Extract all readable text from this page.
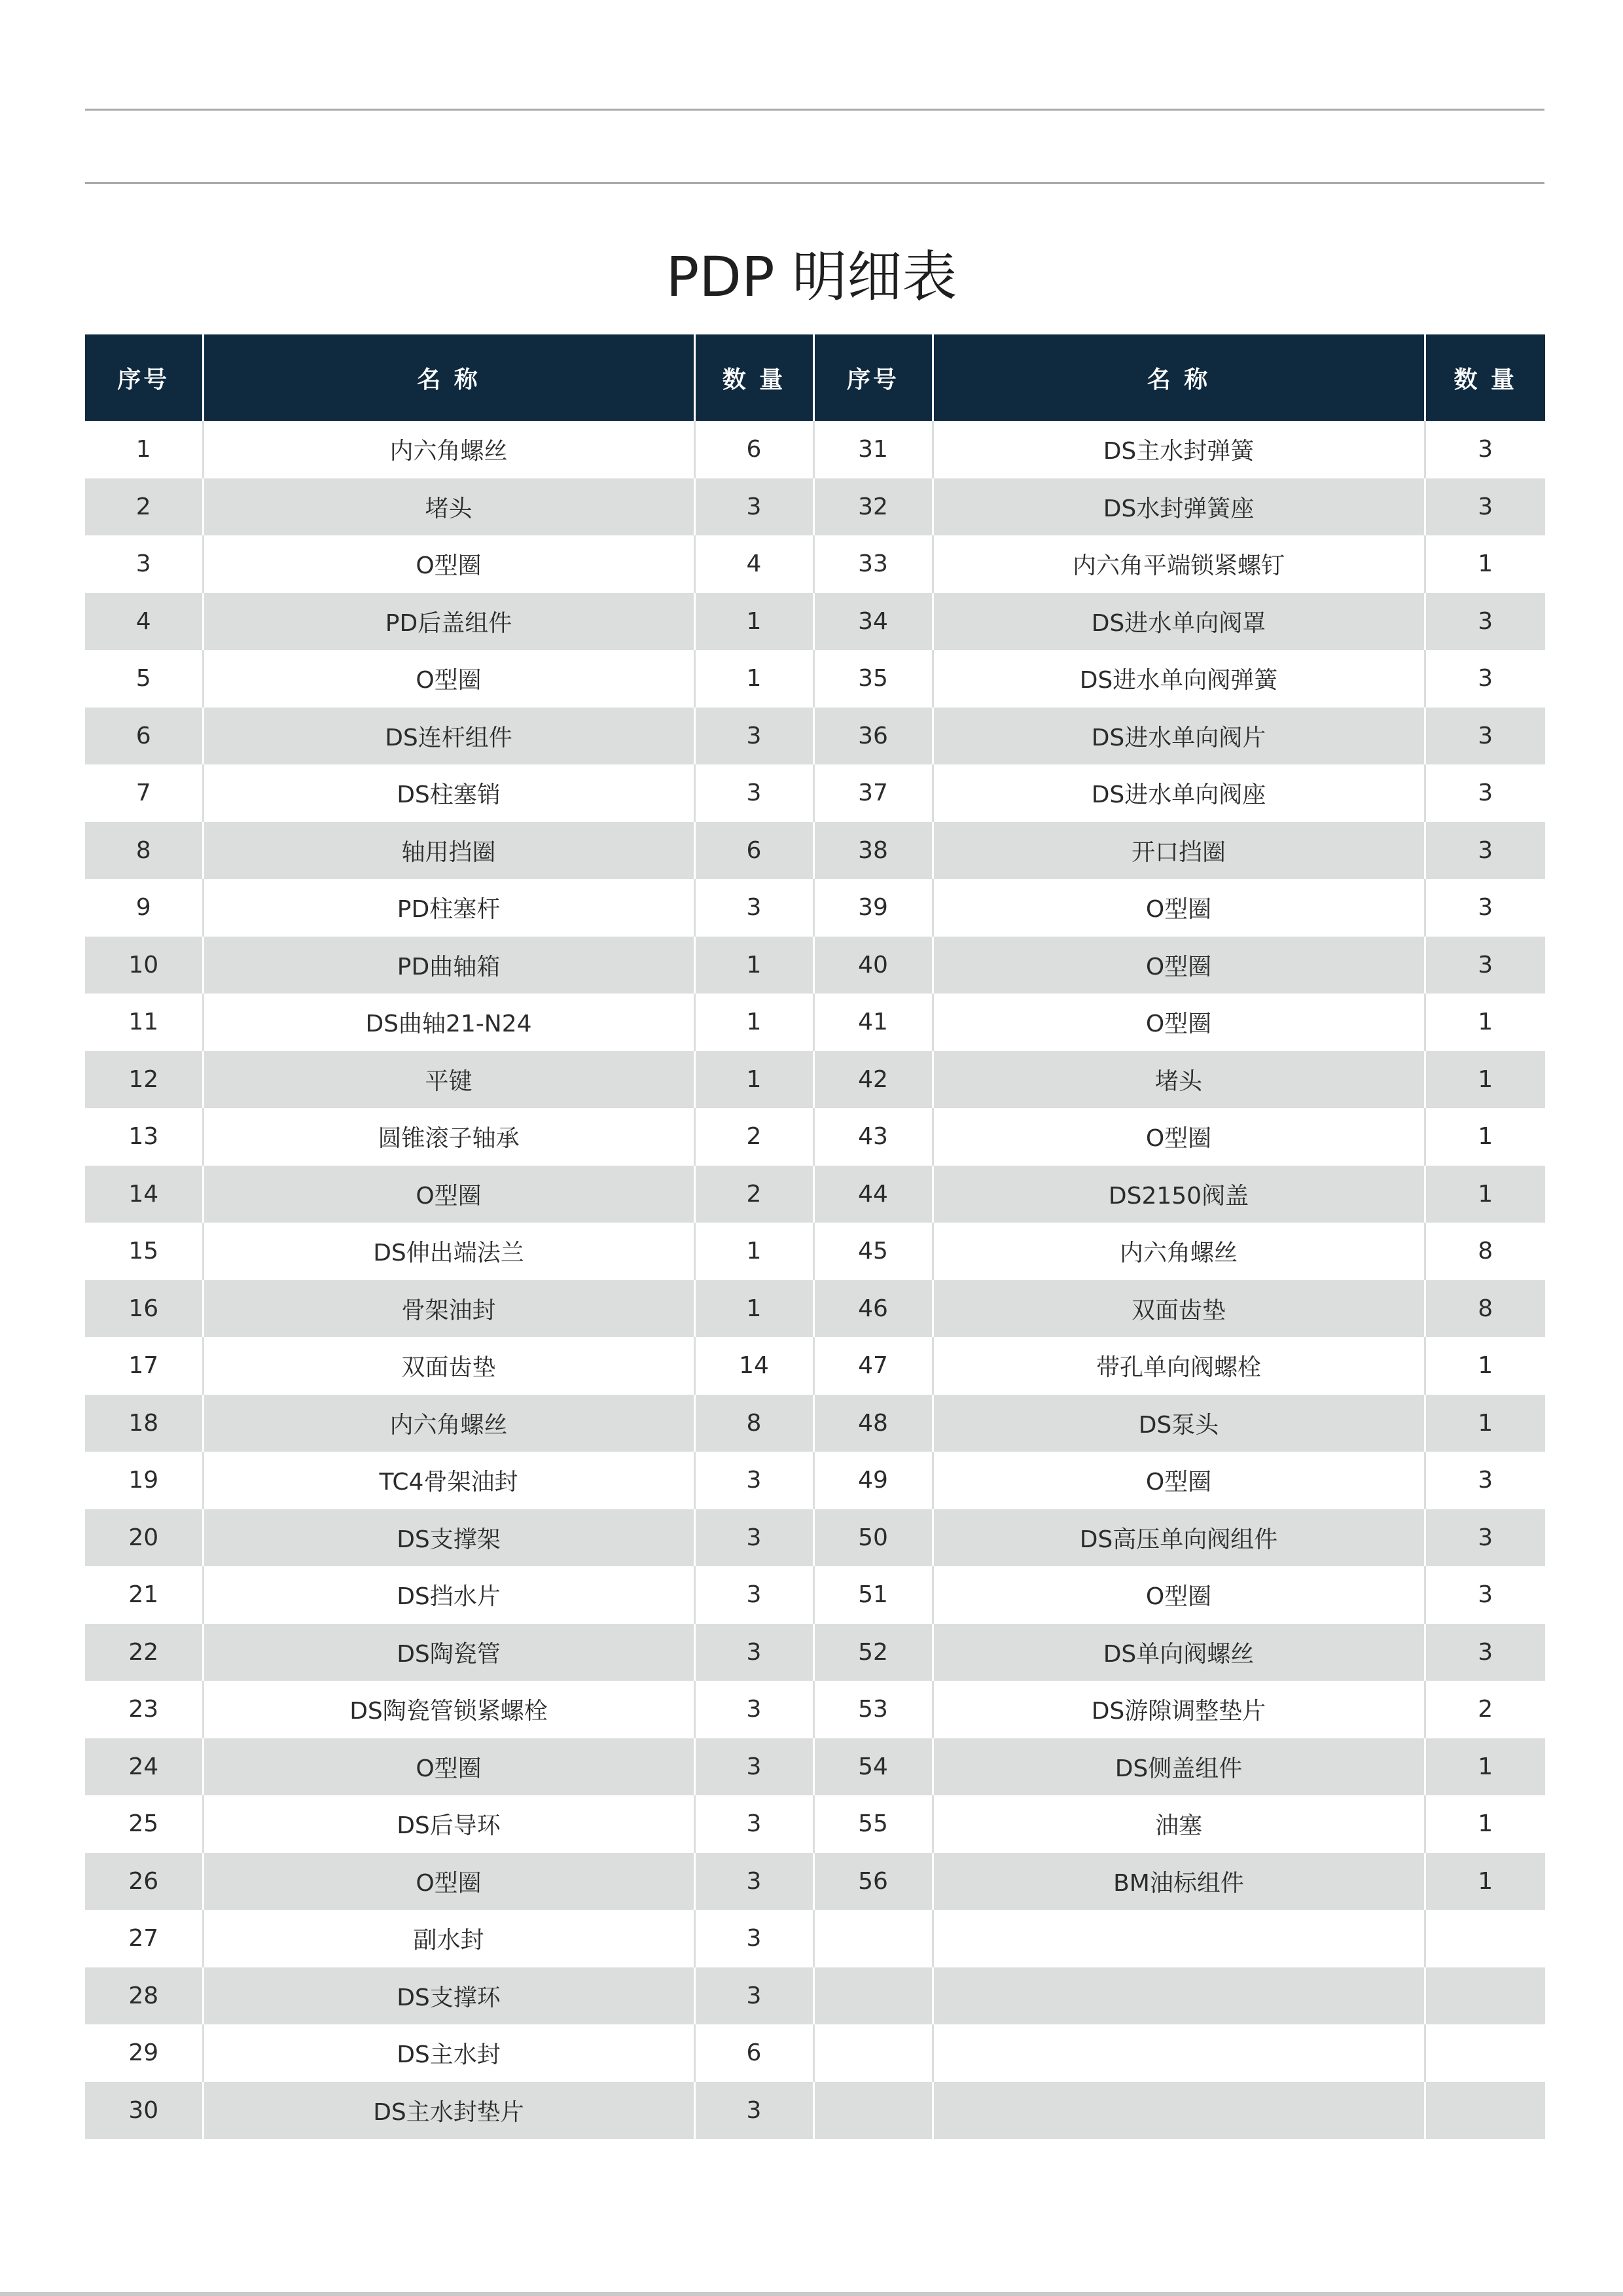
PDP 明细表
序号	名 称	数 量	序号	名 称	数 量
1	内六角螺丝	6	31	DS主水封弹簧	3
2	堵头	3	32	DS水封弹簧座	3
3	O型圈	4	33	内六角平端锁紧螺钉	1
4	PD后盖组件	1	34	DS进水单向阀罩	3
5	O型圈	1	35	DS进水单向阀弹簧	3
6	DS连杆组件	3	36	DS进水单向阀片	3
7	DS柱塞销	3	37	DS进水单向阀座	3
8	轴用挡圈	6	38	开口挡圈	3
9	PD柱塞杆	3	39	O型圈	3
10	PD曲轴箱	1	40	O型圈	3
11	DS曲轴21-N24	1	41	O型圈	1
12	平键	1	42	堵头	1
13	圆锥滚子轴承	2	43	O型圈	1
14	O型圈	2	44	DS2150阀盖	1
15	DS伸出端法兰	1	45	内六角螺丝	8
16	骨架油封	1	46	双面齿垫	8
17	双面齿垫	14	47	带孔单向阀螺栓	1
18	内六角螺丝	8	48	DS泵头	1
19	TC4骨架油封	3	49	O型圈	3
20	DS支撑架	3	50	DS高压单向阀组件	3
21	DS挡水片	3	51	O型圈	3
22	DS陶瓷管	3	52	DS单向阀螺丝	3
23	DS陶瓷管锁紧螺栓	3	53	DS游隙调整垫片	2
24	O型圈	3	54	DS侧盖组件	1
25	DS后导环	3	55	油塞	1
26	O型圈	3	56	BM油标组件	1
27	副水封	3			
28	DS支撑环	3			
29	DS主水封	6			
30	DS主水封垫片	3			
